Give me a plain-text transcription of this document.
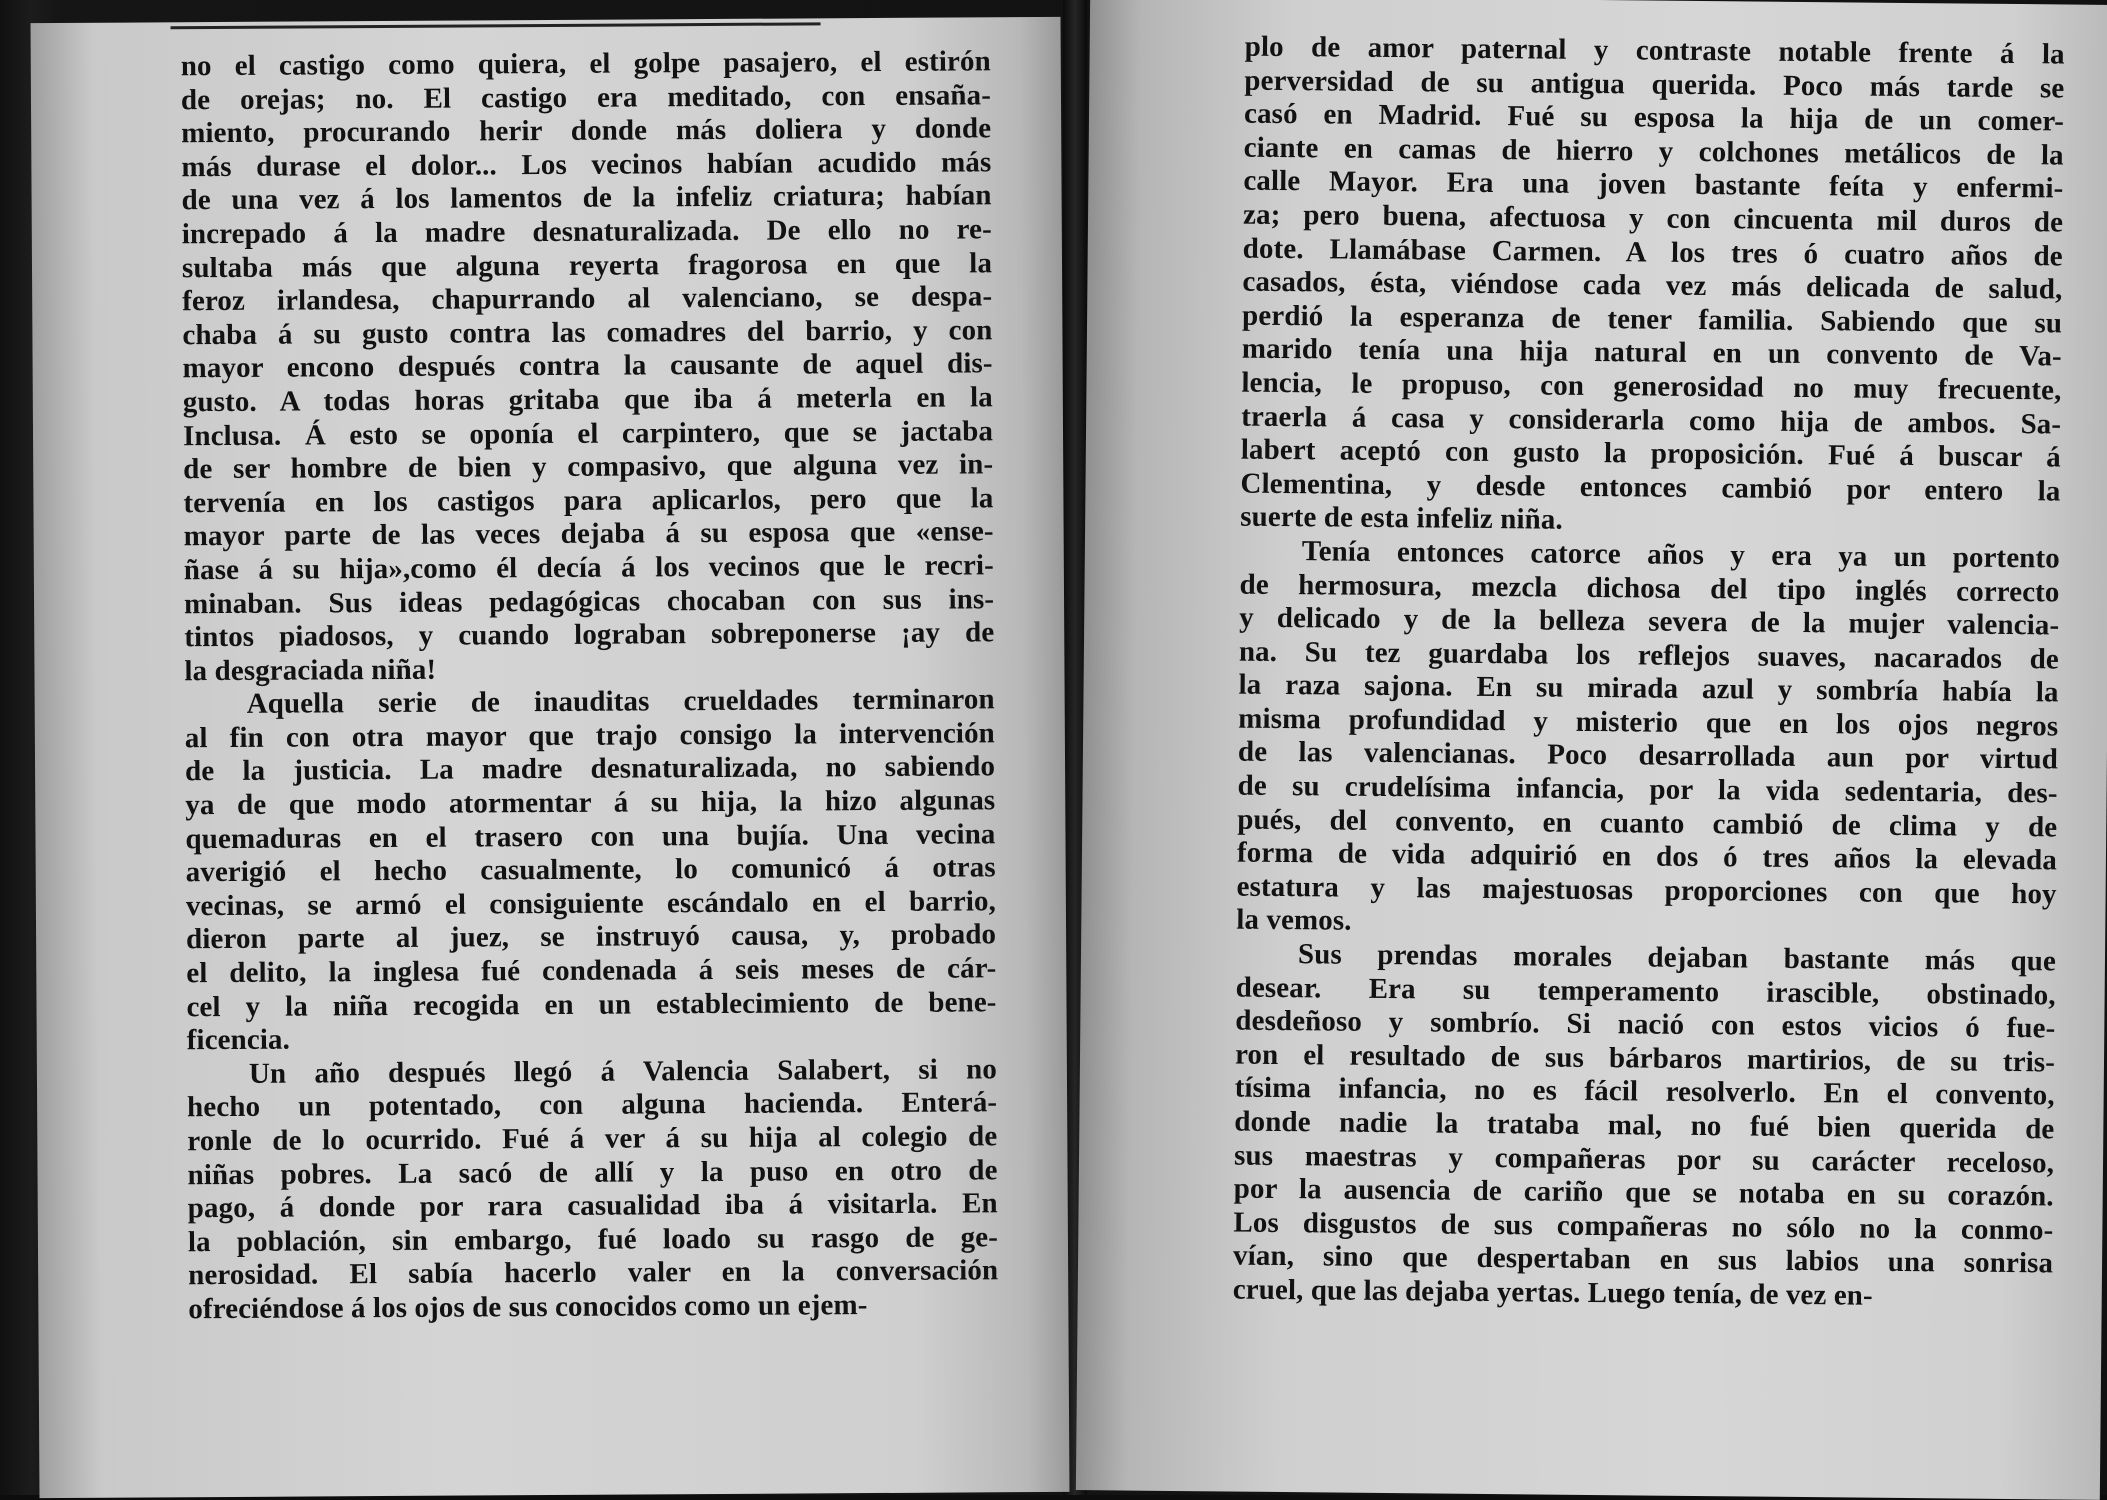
no el castigo como quiera, el golpe pasajero, el estirón
de orejas; no. El castigo era meditado, con ensaña-
miento, procurando herir donde más doliera y donde
más durase el dolor... Los vecinos habían acudido más
de una vez á los lamentos de la infeliz criatura; habían
increpado á la madre desnaturalizada. De ello no re-
sultaba más que alguna reyerta fragorosa en que la
feroz irlandesa, chapurrando al valenciano, se despa-
chaba á su gusto contra las comadres del barrio, y con
mayor encono después contra la causante de aquel dis-
gusto. A todas horas gritaba que iba á meterla en la
Inclusa. Á esto se oponía el carpintero, que se jactaba
de ser hombre de bien y compasivo, que alguna vez in-
tervenía en los castigos para aplicarlos, pero que la
mayor parte de las veces dejaba á su esposa que «ense-
ñase á su hija»,como él decía á los vecinos que le recri-
minaban. Sus ideas pedagógicas chocaban con sus ins-
tintos piadosos, y cuando lograban sobreponerse ¡ay de
la desgraciada niña!
Aquella serie de inauditas crueldades terminaron
al fin con otra mayor que trajo consigo la intervención
de la justicia. La madre desnaturalizada, no sabiendo
ya de que modo atormentar á su hija, la hizo algunas
quemaduras en el trasero con una bujía. Una vecina
averigió el hecho casualmente, lo comunicó á otras
vecinas, se armó el consiguiente escándalo en el barrio,
dieron parte al juez, se instruyó causa, y, probado
el delito, la inglesa fué condenada á seis meses de cár-
cel y la niña recogida en un establecimiento de bene-
ficencia.
Un año después llegó á Valencia Salabert, si no
hecho un potentado, con alguna hacienda. Enterá-
ronle de lo ocurrido. Fué á ver á su hija al colegio de
niñas pobres. La sacó de allí y la puso en otro de
pago, á donde por rara casualidad iba á visitarla. En
la población, sin embargo, fué loado su rasgo de ge-
nerosidad. El sabía hacerlo valer en la conversación
ofreciéndose á los ojos de sus conocidos como un ejem-
plo de amor paternal y contraste notable frente á la
perversidad de su antigua querida. Poco más tarde se
casó en Madrid. Fué su esposa la hija de un comer-
ciante en camas de hierro y colchones metálicos de la
calle Mayor. Era una joven bastante feíta y enfermi-
za; pero buena, afectuosa y con cincuenta mil duros de
dote. Llamábase Carmen. A los tres ó cuatro años de
casados, ésta, viéndose cada vez más delicada de salud,
perdió la esperanza de tener familia. Sabiendo que su
marido tenía una hija natural en un convento de Va-
lencia, le propuso, con generosidad no muy frecuente,
traerla á casa y considerarla como hija de ambos. Sa-
labert aceptó con gusto la proposición. Fué á buscar á
Clementina, y desde entonces cambió por entero la
suerte de esta infeliz niña.
Tenía entonces catorce años y era ya un portento
de hermosura, mezcla dichosa del tipo inglés correcto
y delicado y de la belleza severa de la mujer valencia-
na. Su tez guardaba los reflejos suaves, nacarados de
la raza sajona. En su mirada azul y sombría había la
misma profundidad y misterio que en los ojos negros
de las valencianas. Poco desarrollada aun por virtud
de su crudelísima infancia, por la vida sedentaria, des-
pués, del convento, en cuanto cambió de clima y de
forma de vida adquirió en dos ó tres años la elevada
estatura y las majestuosas proporciones con que hoy
la vemos.
Sus prendas morales dejaban bastante más que
desear. Era su temperamento irascible, obstinado,
desdeñoso y sombrío. Si nació con estos vicios ó fue-
ron el resultado de sus bárbaros martirios, de su tris-
tísima infancia, no es fácil resolverlo. En el convento,
donde nadie la trataba mal, no fué bien querida de
sus maestras y compañeras por su carácter receloso,
por la ausencia de cariño que se notaba en su corazón.
Los disgustos de sus compañeras no sólo no la conmo-
vían, sino que despertaban en sus labios una sonrisa
cruel, que las dejaba yertas. Luego tenía, de vez en-
